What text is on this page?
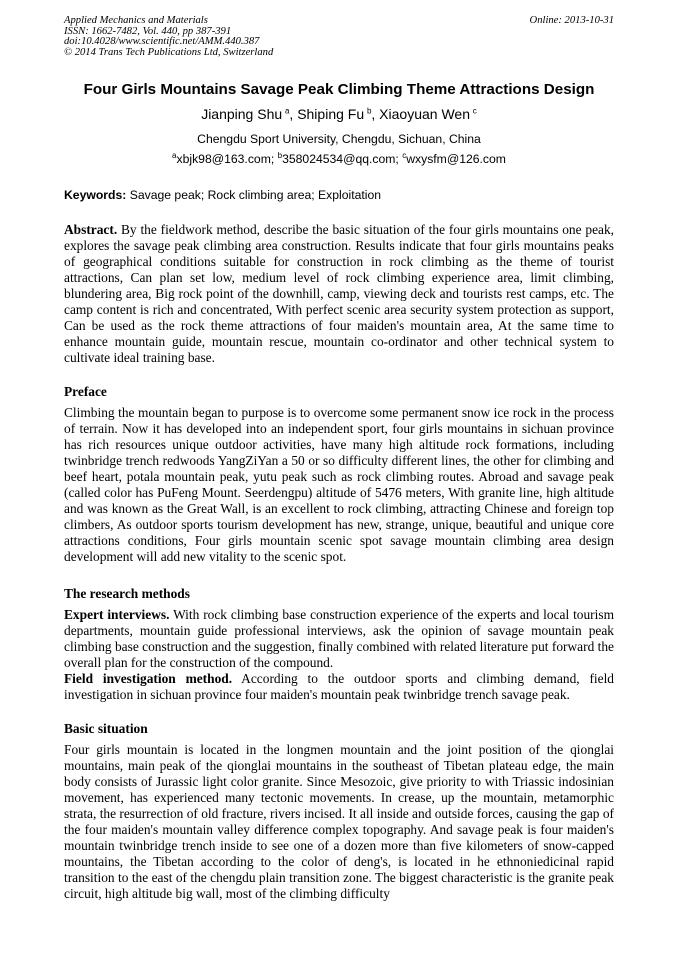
Applied Mechanics and Materials
ISSN: 1662-7482, Vol. 440, pp 387-391
doi:10.4028/www.scientific.net/AMM.440.387
© 2014 Trans Tech Publications Ltd, Switzerland
Online: 2013-10-31
Four Girls Mountains Savage Peak Climbing Theme Attractions Design
Jianping Shu  $^a$, Shiping Fu  $^b$, Xiaoyuan Wen  $^c$
Chengdu Sport University, Chengdu, Sichuan, China
$^a$xbjk98@163.com; $^b$358024534@qq.com; $^c$wxysfm@126.com
Keywords: Savage peak; Rock climbing area; Exploitation

Abstract. By the fieldwork method, describe the basic situation of the four girls mountains one peak, explores the savage peak climbing area construction. Results indicate that four girls mountains peaks of geographical conditions suitable for construction in rock climbing as the theme of tourist attractions, Can plan set low, medium level of rock climbing experience area, limit climbing, blundering area, Big rock point of the downhill, camp, viewing deck and tourists rest camps, etc. The camp content is rich and concentrated, With perfect scenic area security system protection as support, Can be used as the rock theme attractions of four maiden's mountain area, At the same time to enhance mountain guide, mountain rescue, mountain co-ordinator and other technical system to cultivate ideal training base.

Preface

Climbing the mountain began to purpose is to overcome some permanent snow ice rock in the process of terrain. Now it has developed into an independent sport, four girls mountains in sichuan province has rich resources unique outdoor activities, have many high altitude rock formations, including twinbridge trench redwoods YangZiYan a 50 or so difficulty different lines, the other for climbing and beef heart, potala mountain peak, yutu peak such as rock climbing routes. Abroad and savage peak (called color has PuFeng Mount. Seerdengpu) altitude of 5476 meters, With granite line, high altitude and was known as the Great Wall, is an excellent to rock climbing, attracting Chinese and foreign top climbers, As outdoor sports tourism development has new, strange, unique, beautiful and unique core attractions conditions, Four girls mountain scenic spot savage mountain climbing area design development will add new vitality to the scenic spot.

The research methods

Expert interviews. With rock climbing base construction experience of the experts and local tourism departments, mountain guide professional interviews, ask the opinion of savage mountain peak climbing base construction and the suggestion, finally combined with related literature put forward the overall plan for the construction of the compound.

Field investigation method. According to the outdoor sports and climbing demand, field investigation in sichuan province four maiden's mountain peak twinbridge trench savage peak.

Basic situation

Four girls mountain is located in the longmen mountain and the joint position of the qionglai mountains, main peak of the qionglai mountains in the southeast of Tibetan plateau edge, the main body consists of Jurassic light color granite. Since Mesozoic, give priority to with Triassic indosinian movement, has experienced many tectonic movements. In crease, up the mountain, metamorphic strata, the resurrection of old fracture, rivers incised. It all inside and outside forces, causing the gap of the four maiden's mountain valley difference complex topography. And savage peak is four maiden's mountain twinbridge trench inside to see one of a dozen more than five kilometers of snow-capped mountains, the Tibetan according to the color of deng's, is located in he ethnoniedicinal rapid transition to the east of the chengdu plain transition zone. The biggest characteristic is the granite peak circuit, high altitude big wall, most of the climbing difficulty
